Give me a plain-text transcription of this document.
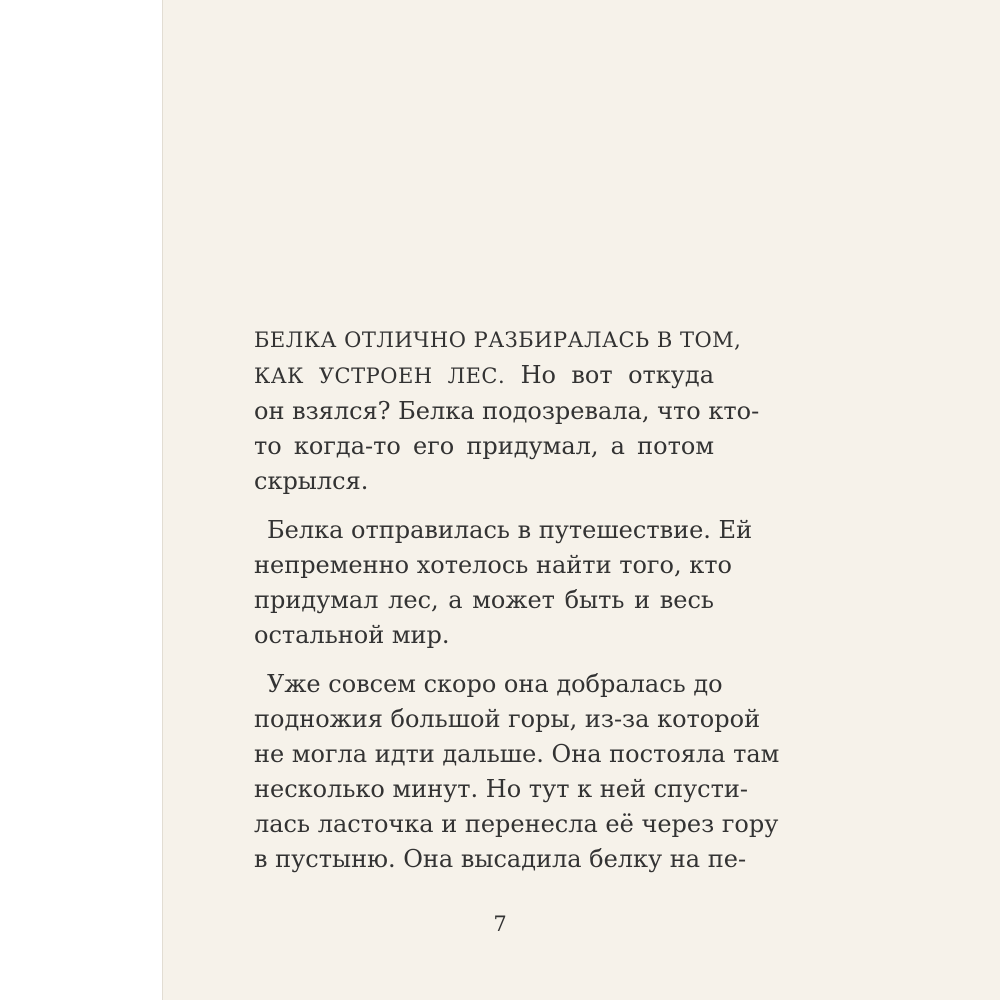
БЕЛКА ОТЛИЧНО РАЗБИРАЛАСЬ В ТОМ,
КАК УСТРОЕН ЛЕС. Но вот откуда
он взялся? Белка подозревала, что кто-
то когда-то его придумал, а потом
скрылся.
Белка отправилась в путешествие. Ей
непременно хотелось найти того, кто
придумал лес, а может быть и весь
остальной мир.
Уже совсем скоро она добралась до
подножия большой горы, из-за которой
не могла идти дальше. Она постояла там
несколько минут. Но тут к ней спусти-
лась ласточка и перенесла её через гору
в пустыню. Она высадила белку на пе-
7
